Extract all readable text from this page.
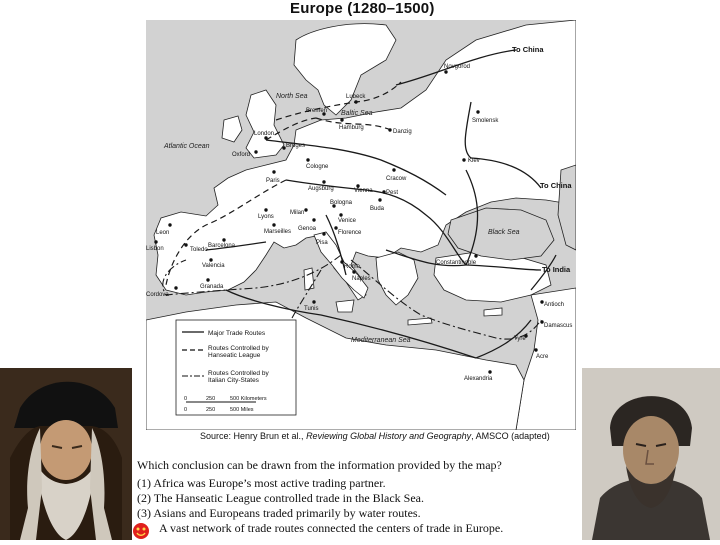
Europe (1280–1500)
North Sea
Baltic Sea
Atlantic Ocean
Black Sea
Mediterranean Sea
Novgorod
Smolensk
Lubeck
Bremen
Hamburg
Danzig
London
Bruges
Oxford
Cologne
Kiev
Cracow
Paris
Augsburg	Vienna Pest
Buda
Lyons
Milan
Bologna
Venice
Marseilles Genoa
Pisa
Florence
Leon
Toledo
Barcelona
Lisbon
Valencia	Rome
Naples
Constantinople
Cordova
Granada
Tunis
Antioch
Damascus
Tyre
Acre
Alexandria
To China
To China
To India
Major Trade Routes
Routes Controlled by Hanseatic League
Routes Controlled by Italian City-States
0	250	500 Kilometers
0	250	500 Miles
Source: Henry Brun et al., Reviewing Global History and Geography, AMSCO (adapted)
Which conclusion can be drawn from the information provided by the map?
(1) Africa was Europe’s most active trading partner.
(2) The Hanseatic League controlled trade in the Black Sea.
(3) Asians and Europeans traded primarily by water routes.
A vast network of trade routes connected the centers of trade in Europe.
